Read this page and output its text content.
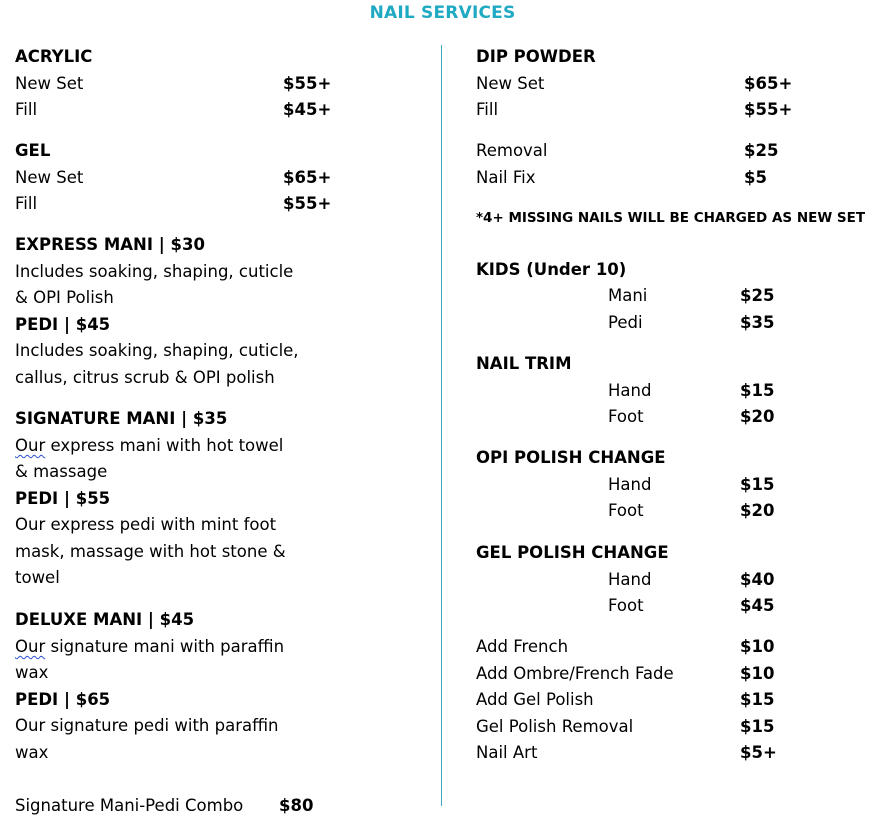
NAIL SERVICES
ACRYLIC
New Set	$55+
Fill	$45+
GEL
New Set	$65+
Fill	$55+
EXPRESS MANI | $30
Includes soaking, shaping, cuticle
& OPI Polish
PEDI | $45
Includes soaking, shaping, cuticle,
callus, citrus scrub & OPI polish
SIGNATURE MANI | $35
Our express mani with hot towel
& massage
PEDI | $55
Our express pedi with mint foot
mask, massage with hot stone &
towel
DELUXE MANI | $45
Our signature mani with paraffin
wax
PEDI | $65
Our signature pedi with paraffin
wax
Signature Mani-Pedi Combo $80
DIP POWDER
New Set	$65+
Fill	$55+
Removal	$25
Nail Fix	$5
*4+ MISSING NAILS WILL BE CHARGED AS NEW SET
KIDS (Under 10)
Mani	$25
Pedi	$35
NAIL TRIM
Hand	$15
Foot	$20
OPI POLISH CHANGE
Hand	$15
Foot	$20
GEL POLISH CHANGE
Hand	$40
Foot	$45
Add French	$10
Add Ombre/French Fade	$10
Add Gel Polish	$15
Gel Polish Removal	$15
Nail Art	$5+
